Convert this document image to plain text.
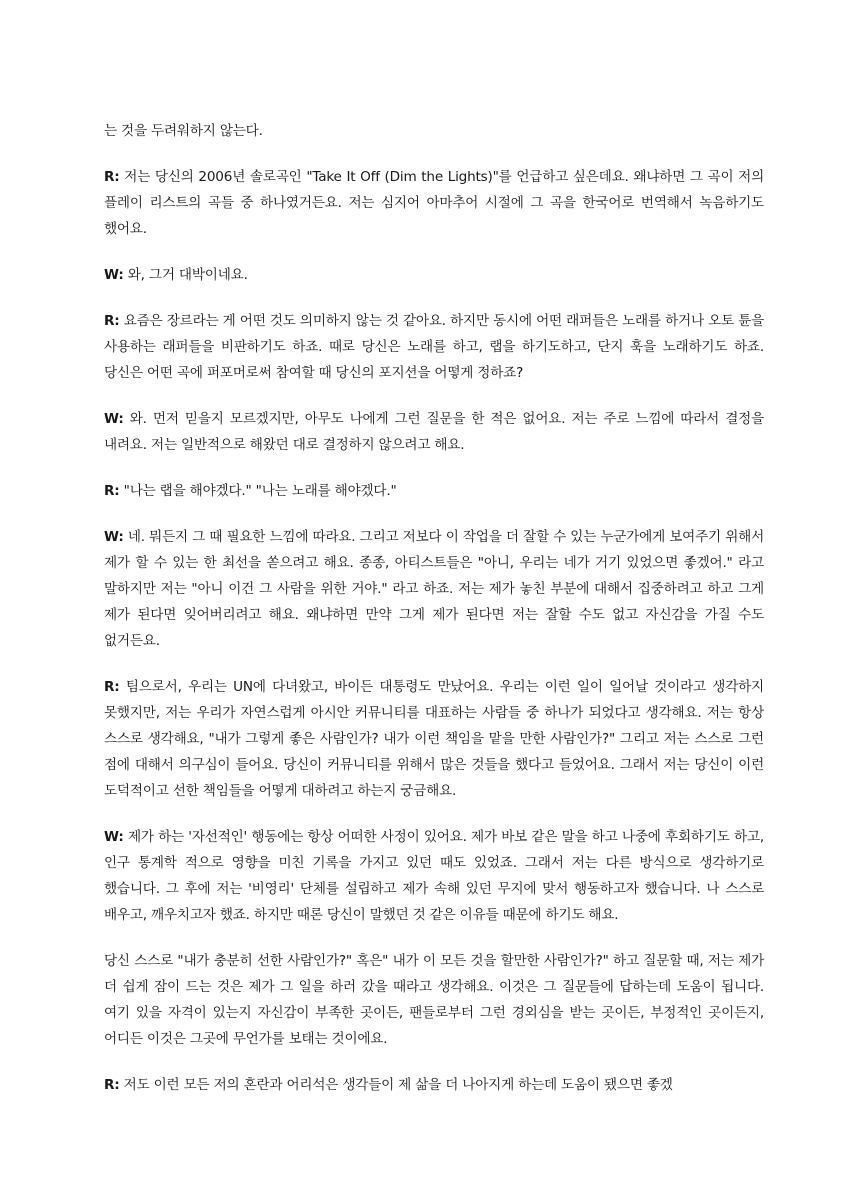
는 것을 두려워하지 않는다.

R: 저는 당신의 2006년 솔로곡인 "Take It Off (Dim the Lights)"를 언급하고 싶은데요. 왜냐하면 그 곡이 저의 플레이 리스트의 곡들 중 하나였거든요. 저는 심지어 아마추어 시절에 그 곡을 한국어로 번역해서 녹음하기도 했어요.

W: 와, 그거 대박이네요.

R: 요즘은 장르라는 게 어떤 것도 의미하지 않는 것 같아요. 하지만 동시에 어떤 래퍼들은 노래를 하거나 오토 튠을 사용하는 래퍼들을 비판하기도 하죠. 때로 당신은 노래를 하고, 랩을 하기도하고, 단지 훅을 노래하기도 하죠. 당신은 어떤 곡에 퍼포머로써 참여할 때 당신의 포지션을 어떻게 정하죠?

W: 와. 먼저 믿을지 모르겠지만, 아무도 나에게 그런 질문을 한 적은 없어요. 저는 주로 느낌에 따라서 결정을 내려요. 저는 일반적으로 해왔던 대로 결정하지 않으려고 해요.

R: "나는 랩을 해야겠다." "나는 노래를 해야겠다."

W: 네. 뭐든지 그 때 필요한 느낌에 따라요. 그리고 저보다 이 작업을 더 잘할 수 있는 누군가에게 보여주기 위해서 제가 할 수 있는 한 최선을 쏟으려고 해요. 종종, 아티스트들은 "아니, 우리는 네가 거기 있었으면 좋겠어." 라고 말하지만 저는 "아니 이건 그 사람을 위한 거야." 라고 하죠. 저는 제가 놓친 부분에 대해서 집중하려고 하고 그게 제가 된다면 잊어버리려고 해요. 왜냐하면 만약 그게 제가 된다면 저는 잘할 수도 없고 자신감을 가질 수도 없거든요.

R: 팀으로서, 우리는 UN에 다녀왔고, 바이든 대통령도 만났어요. 우리는 이런 일이 일어날 것이라고 생각하지 못했지만, 저는 우리가 자연스럽게 아시안 커뮤니티를 대표하는 사람들 중 하나가 되었다고 생각해요. 저는 항상 스스로 생각해요, "내가 그렇게 좋은 사람인가? 내가 이런 책임을 맡을 만한 사람인가?" 그리고 저는 스스로 그런 점에 대해서 의구심이 들어요. 당신이 커뮤니티를 위해서 많은 것들을 했다고 들었어요. 그래서 저는 당신이 이런 도덕적이고 선한 책임들을 어떻게 대하려고 하는지 궁금해요.

W: 제가 하는 '자선적인' 행동에는 항상 어떠한 사정이 있어요. 제가 바보 같은 말을 하고 나중에 후회하기도 하고, 인구 통계학 적으로 영향을 미친 기록을 가지고 있던 때도 있었죠. 그래서 저는 다른 방식으로 생각하기로 했습니다. 그 후에 저는 '비영리' 단체를 설립하고 제가 속해 있던 무지에 맞서 행동하고자 했습니다. 나 스스로 배우고, 깨우치고자 했죠. 하지만 때론 당신이 말했던 것 같은 이유들 때문에 하기도 해요.

당신 스스로 "내가 충분히 선한 사람인가?" 혹은" 내가 이 모든 것을 할만한 사람인가?" 하고 질문할 때, 저는 제가 더 쉽게 잠이 드는 것은 제가 그 일을 하러 갔을 때라고 생각해요. 이것은 그 질문들에 답하는데 도움이 됩니다. 여기 있을 자격이 있는지 자신감이 부족한 곳이든, 팬들로부터 그런 경외심을 받는 곳이든, 부정적인 곳이든지, 어디든 이것은 그곳에 무언가를 보태는 것이에요.

R: 저도 이런 모든 저의 혼란과 어리석은 생각들이 제 삶을 더 나아지게 하는데 도움이 됐으면 좋겠
